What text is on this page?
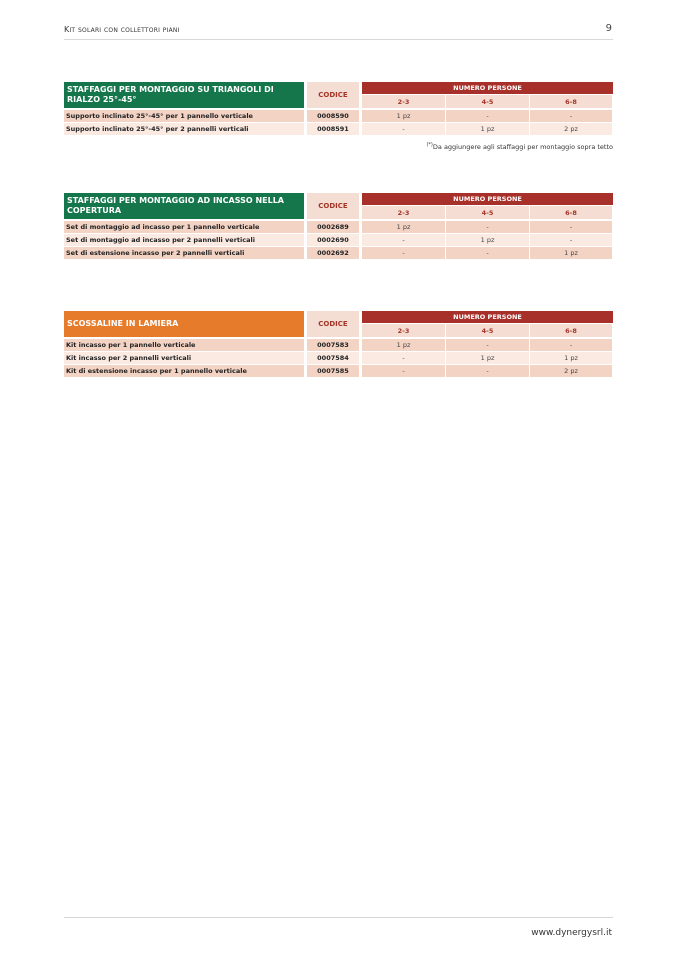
Kit solari con collettori piani	9
STAFFAGGI PER MONTAGGIO SU TRIANGOLI DI RIALZO 25°-45°	CODICE	NUMERO PERSONE		
		2-3	4-5	6-8
Supporto inclinato 25°-45° per 1 pannello verticale	0008590	1 pz	-	-
Supporto inclinato 25°-45° per 2 pannelli verticali	0008591	-	1 pz	2 pz
(*)Da aggiungere agli staffaggi per montaggio sopra tetto
STAFFAGGI PER MONTAGGIO AD INCASSO NELLA COPERTURA	CODICE	NUMERO PERSONE		
		2-3	4-5	6-8
Set di montaggio ad incasso per 1 pannello verticale	0002689	1 pz	-	-
Set di montaggio ad incasso per 2 pannelli verticali	0002690	-	1 pz	-
Set di estensione incasso per 2 pannelli verticali	0002692	-	-	1 pz
SCOSSALINE IN LAMIERA	CODICE	NUMERO PERSONE		
		2-3	4-5	6-8
Kit incasso per 1 pannello verticale	0007583	1 pz	-	-
Kit incasso per 2 pannelli verticali	0007584	-	1 pz	1 pz
Kit di estensione incasso per 1 pannello verticale	0007585	-	-	2 pz
www.dynergysrl.it
